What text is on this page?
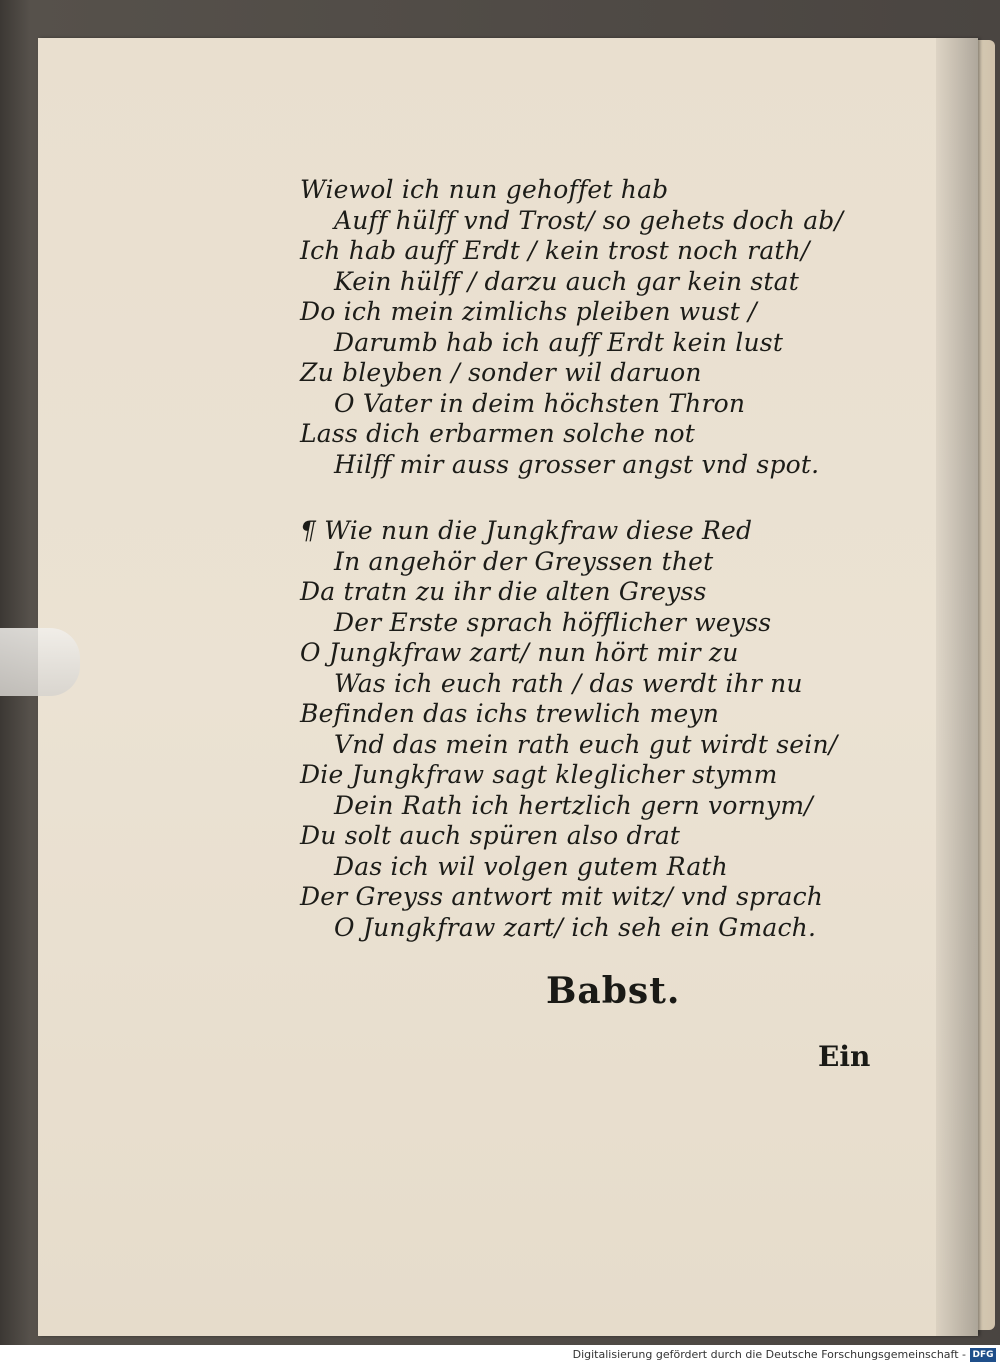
Wiewol ich nun gehoffet hab
Auff hülff vnd Trost/ so gehets doch ab/
Ich hab auff Erdt / kein trost noch rath/
Kein hülff / darzu auch gar kein stat
Do ich mein zimlichs pleiben wust /
Darumb hab ich auff Erdt kein lust
Zu bleyben / sonder wil daruon
O Vater in deim höchsten Thron
Lass dich erbarmen solche not
Hilff mir auss grosser angst vnd spot.
¶ Wie nun die Jungkfraw diese Red
In angehör der Greyssen thet
Da tratn zu ihr die alten Greyss
Der Erste sprach höfflicher weyss
O Jungkfraw zart/ nun hört mir zu
Was ich euch rath / das werdt ihr nu
Befinden das ichs trewlich meyn
Vnd das mein rath euch gut wirdt sein/
Die Jungkfraw sagt kleglicher stymm
Dein Rath ich hertzlich gern vornym/
Du solt auch spüren also drat
Das ich wil volgen gutem Rath
Der Greyss antwort mit witz/ vnd sprach
O Jungkfraw zart/ ich seh ein Gmach.
Babst.
Ein
Digitalisierung gefördert durch die Deutsche Forschungsgemeinschaft - DFG
